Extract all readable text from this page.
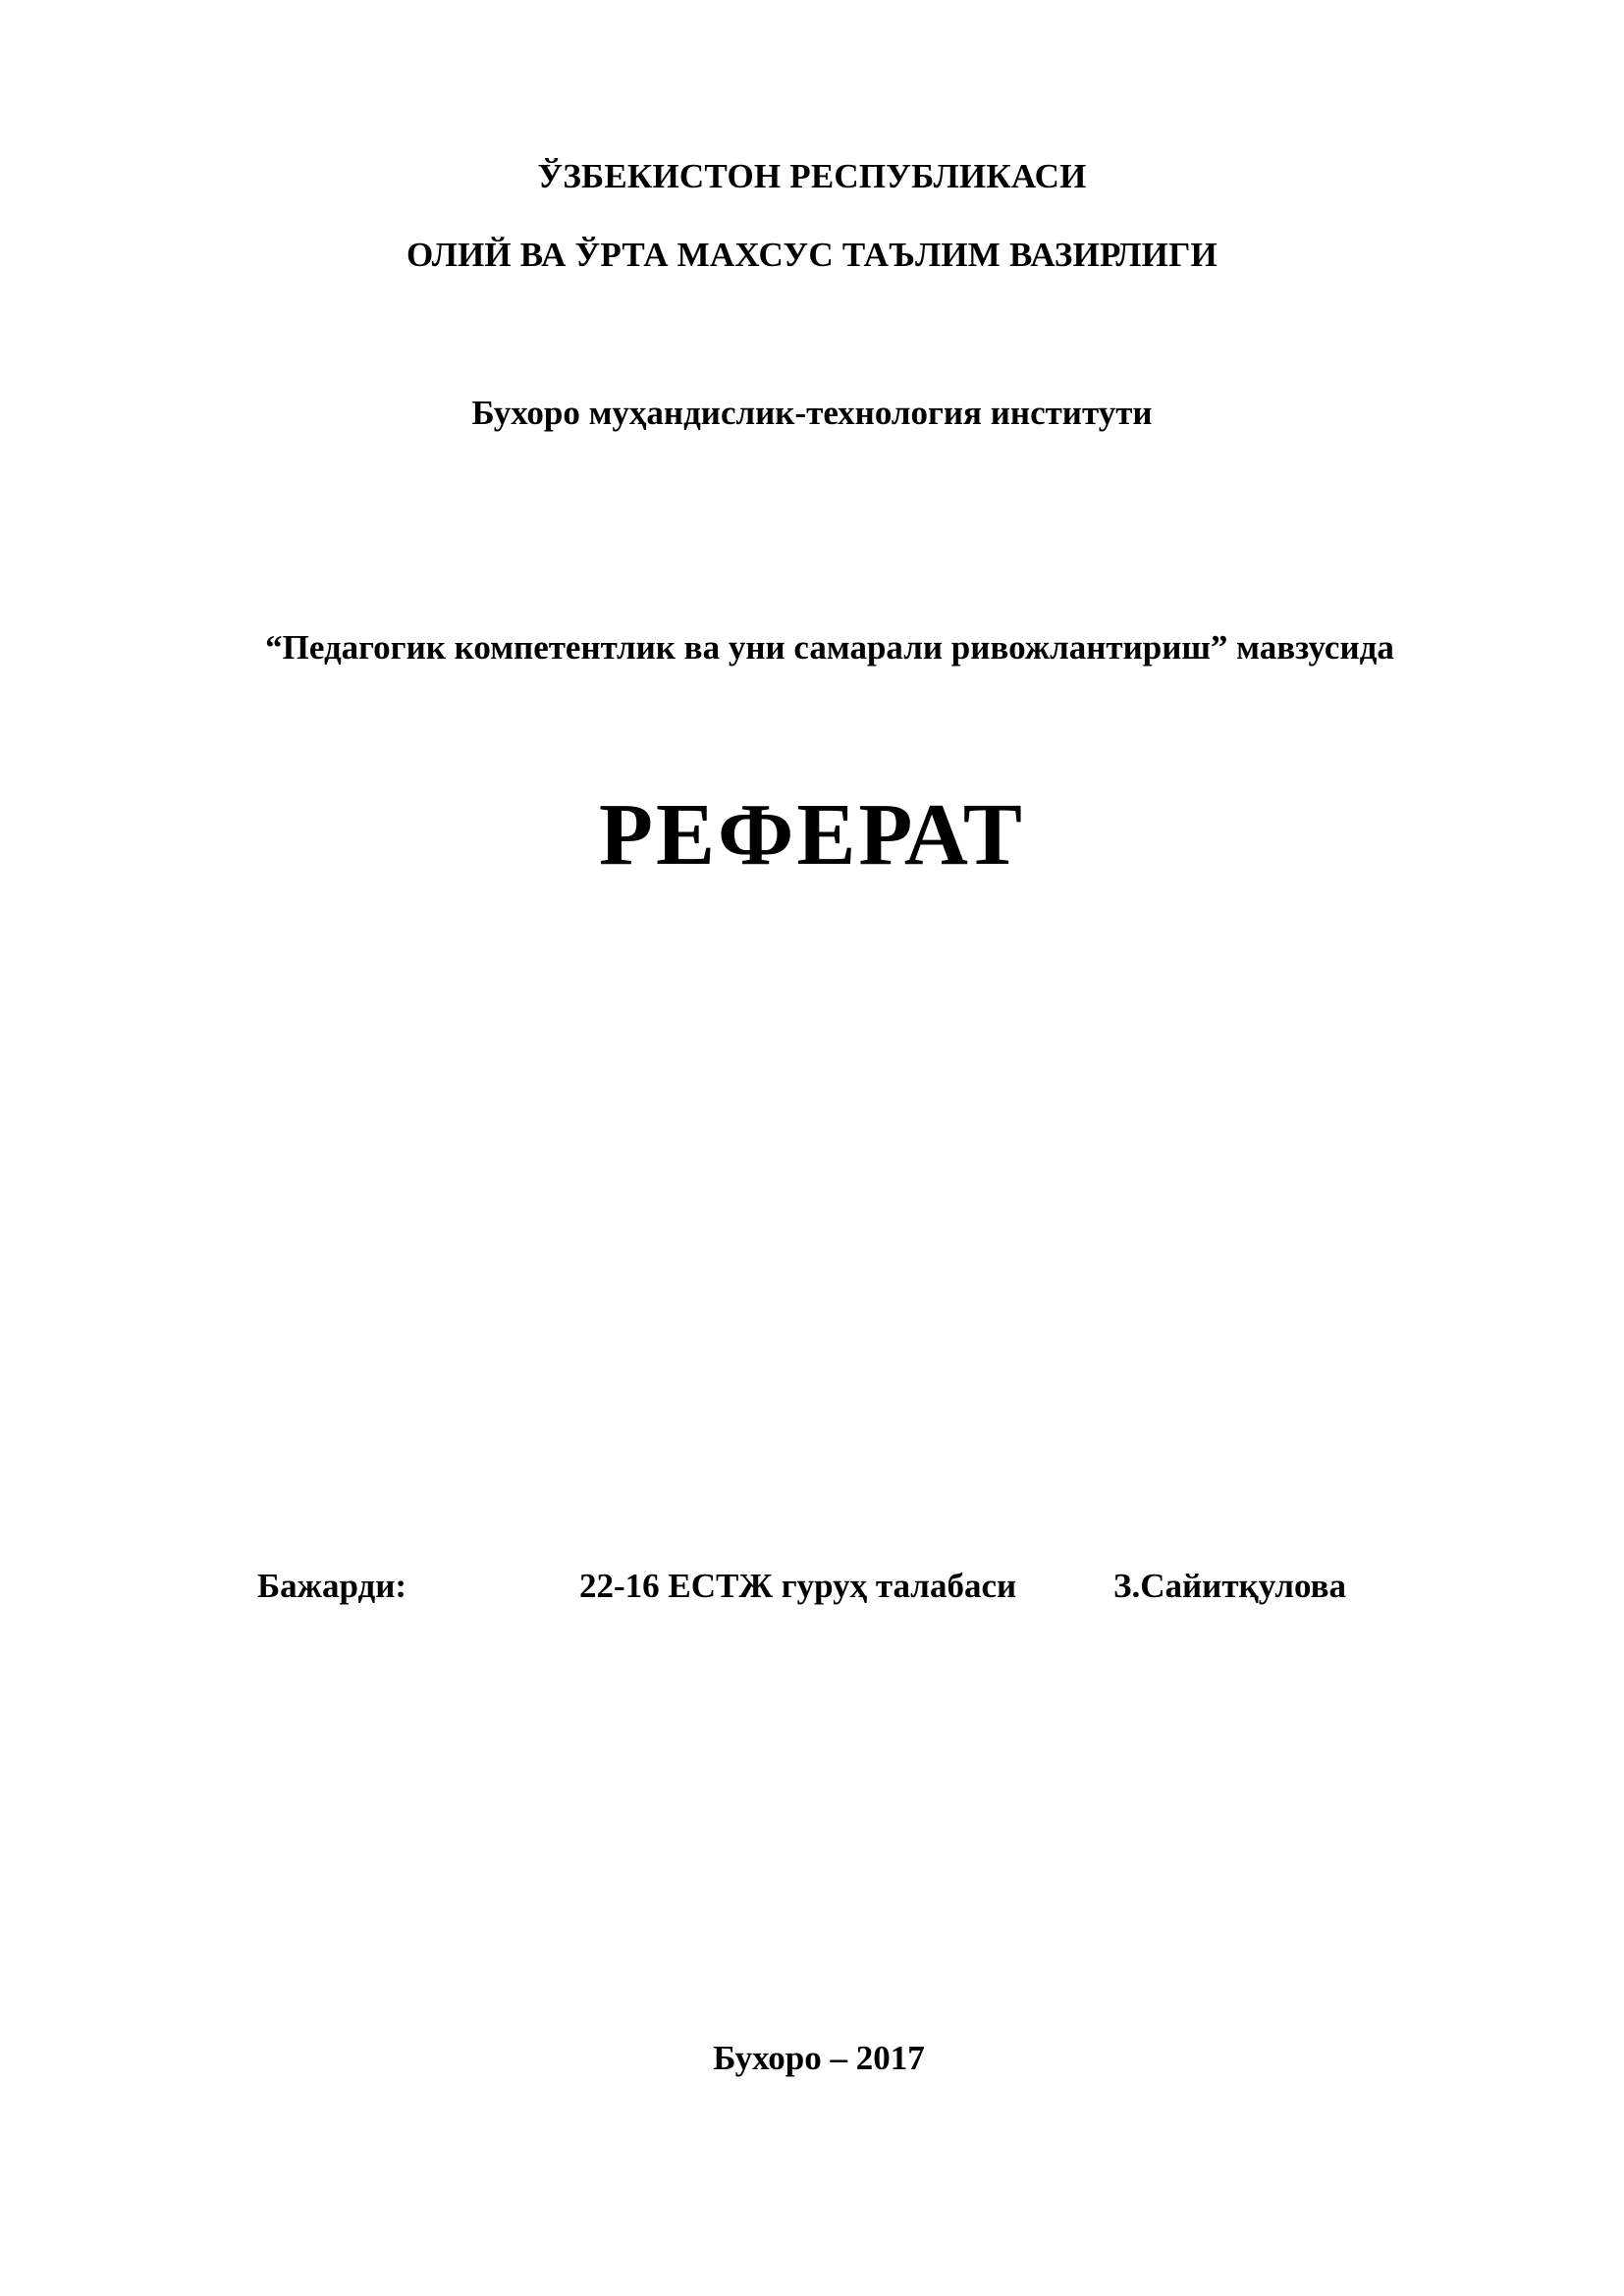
ЎЗБЕКИСТОН РЕСПУБЛИКАСИ
ОЛИЙ ВА ЎРТА МАХСУС ТАЪЛИМ ВАЗИРЛИГИ
Бухоро муҳандислик-технология институти
“Педагогик компетентлик ва уни самарали ривожлантириш” мавзусида
РЕФЕРАТ
Бажарди:	22-16 ЕСТЖ гуруҳ талабаси	З.Сайитқулова
Бухоро – 2017
